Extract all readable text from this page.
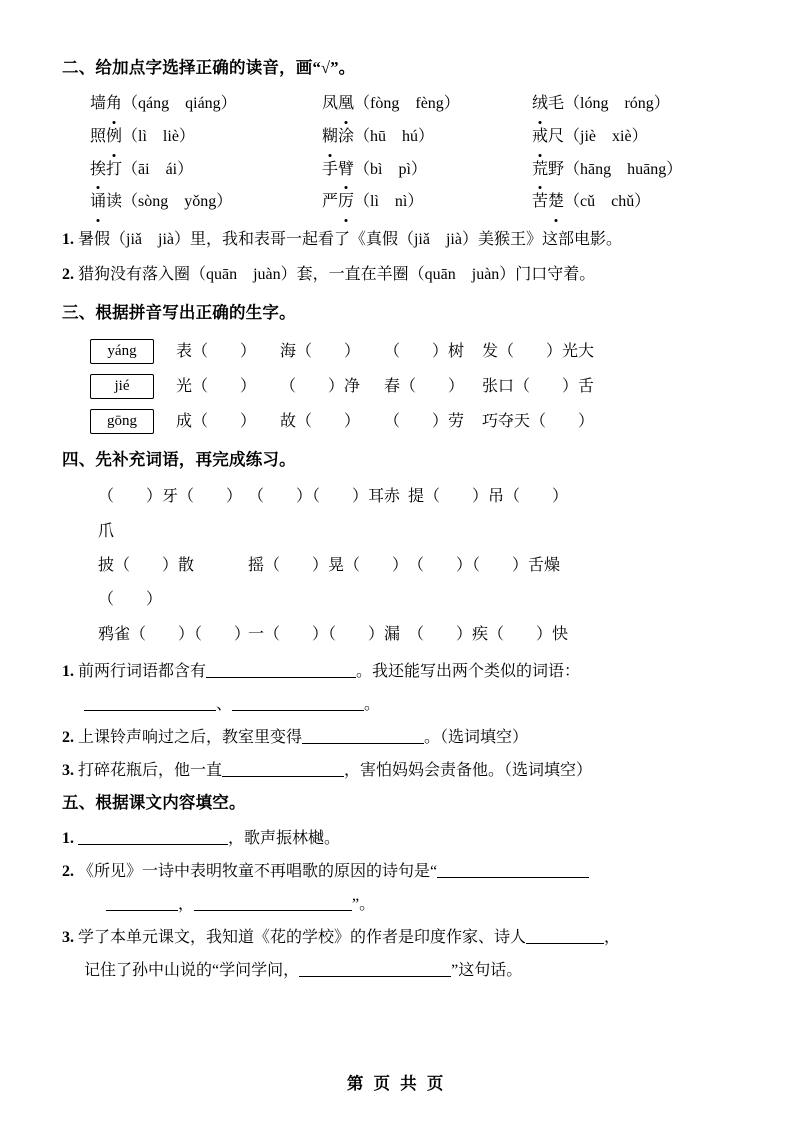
二、给加点字选择正确的读音，画“√”。
墙角（qáng　qiáng）	凤凰（fòng　fèng）	绒毛（lóng　róng）
照例（lì　liè）	糊涂（hū　hú）	戒尺（jiè　xiè）
挨打（āi　ái）	手臂（bì　pì）	荒野（hāng　huāng）
诵读（sòng　yǒng）	严厉（lì　nì）	苦楚（cǔ　chǔ）
1. 暑假（jiǎ　jià）里，我和表哥一起看了《真假（jiǎ　jià）美猴王》这部电影。
2. 猎狗没有落入圈（quān　juàn）套，一直在羊圈（quān　juàn）门口守着。
三、根据拼音写出正确的生字。
yáng	表（　　）	海（　　）	（　　）树	发（　　）光大
jié	光（　　）	（　　）净	春（　　）	张口（　　）舌
gōng	成（　　）	故（　　）	（　　）劳	巧夺天（　　）
四、先补充词语，再完成练习。
（　　）牙（　　）爪
（　　）（　　）耳赤 提（　　）吊（　　）
披（　　）散（　　）
摇（　　）晃（　　） （　　）（　　）舌燥
鸦雀（　　）（　　）
一（　　）（　　）漏 （　　）疾（　　）快
1. 前两行词语都含有	。我还能写出两个类似的词语：
、	。
2. 上课铃声响过之后，教室里变得	。（选词填空）
3. 打碎花瓶后，他一直	，害怕妈妈会责备他。（选词填空）
五、根据课文内容填空。
1.	，歌声振林樾。
2. 《所见》一诗中表明牧童不再唱歌的原因的诗句是“
，	”。
3. 学了本单元课文，我知道《花的学校》的作者是印度作家、诗人	，
记住了孙中山说的“学问学问，	”这句话。
第 页 共 页
